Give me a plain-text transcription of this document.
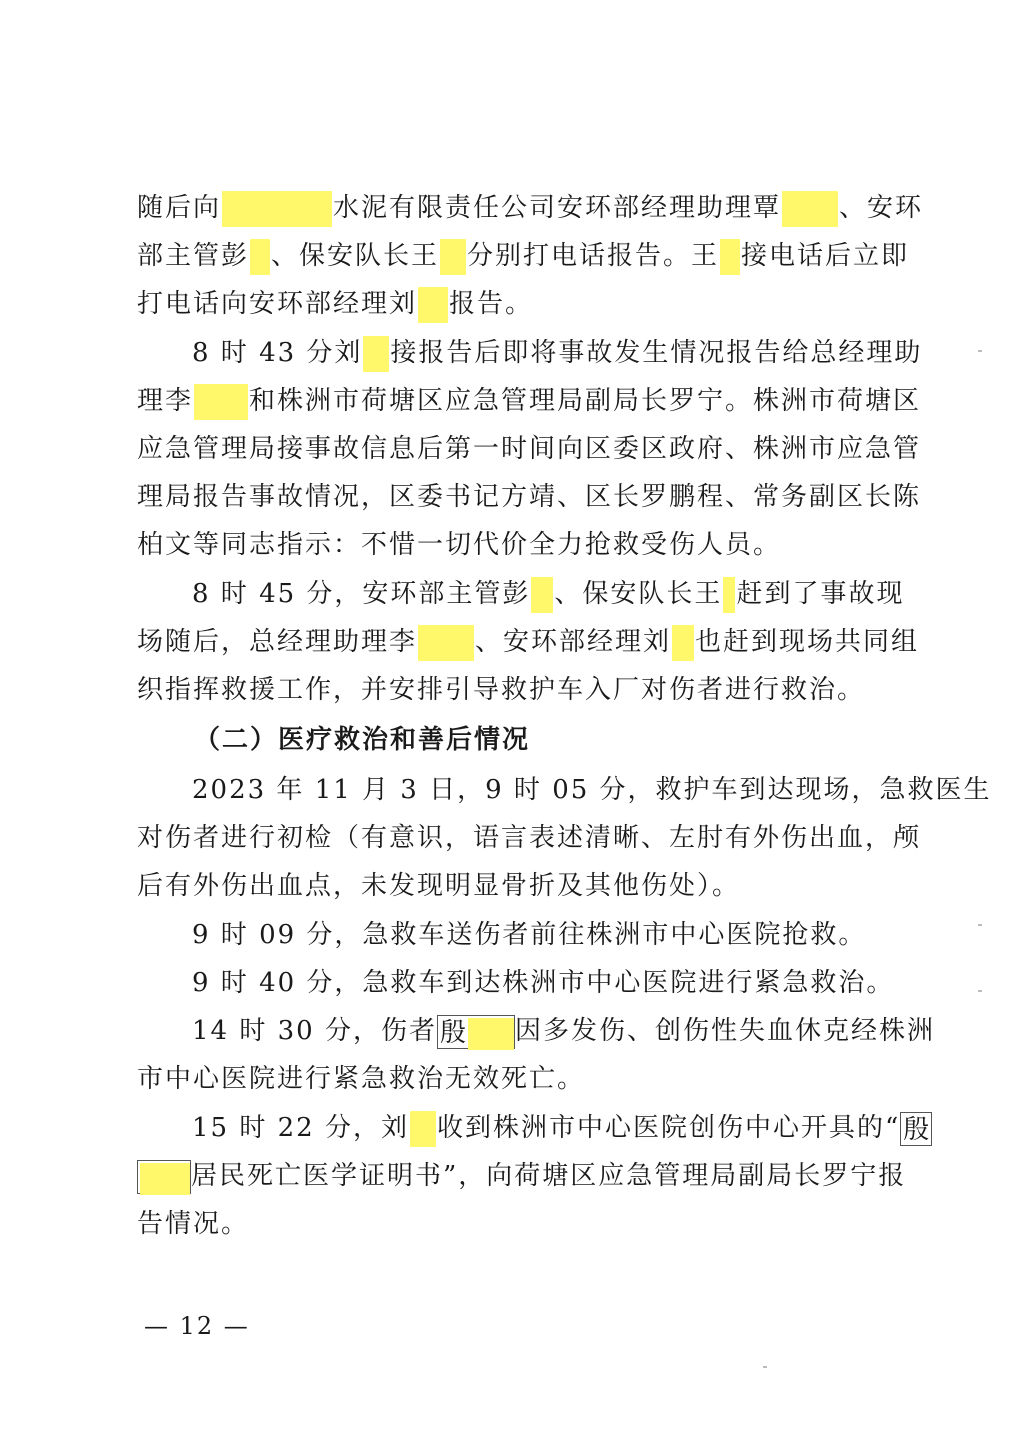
随后向	水泥有限责任公司安环部经理助理覃 、安环
部主管彭 、保安队长王 分别打电话报告。王 接电话后立即
打电话向安环部经理刘 报告。
8 时 43 分刘 接报告后即将事故发生情况报告给总经理助
理李 和株洲市荷塘区应急管理局副局长罗宁。株洲市荷塘区
应急管理局接事故信息后第一时间向区委区政府、株洲市应急管
理局报告事故情况，区委书记方靖、区长罗鹏程、常务副区长陈
柏文等同志指示：不惜一切代价全力抢救受伤人员。
8 时 45 分，安环部主管彭 、保安队长王 赶到了事故现
场随后，总经理助理李 、安环部经理刘 也赶到现场共同组
织指挥救援工作，并安排引导救护车入厂对伤者进行救治。
（二）医疗救治和善后情况
2023 年 11 月 3 日，9 时 05 分，救护车到达现场，急救医生
对伤者进行初检（有意识，语言表述清晰、左肘有外伤出血，颅
后有外伤出血点，未发现明显骨折及其他伤处）。
9 时 09 分，急救车送伤者前往株洲市中心医院抢救。
9 时 40 分，急救车到达株洲市中心医院进行紧急救治。
14 时 30 分，伤者 殷 因多发伤、创伤性失血休克经株洲
市中心医院进行紧急救治无效死亡。
15 时 22 分，刘 收到株洲市中心医院创伤中心开具的“ 殷
居民死亡医学证明书”，向荷塘区应急管理局副局长罗宁报
告情况。
— 12 —
